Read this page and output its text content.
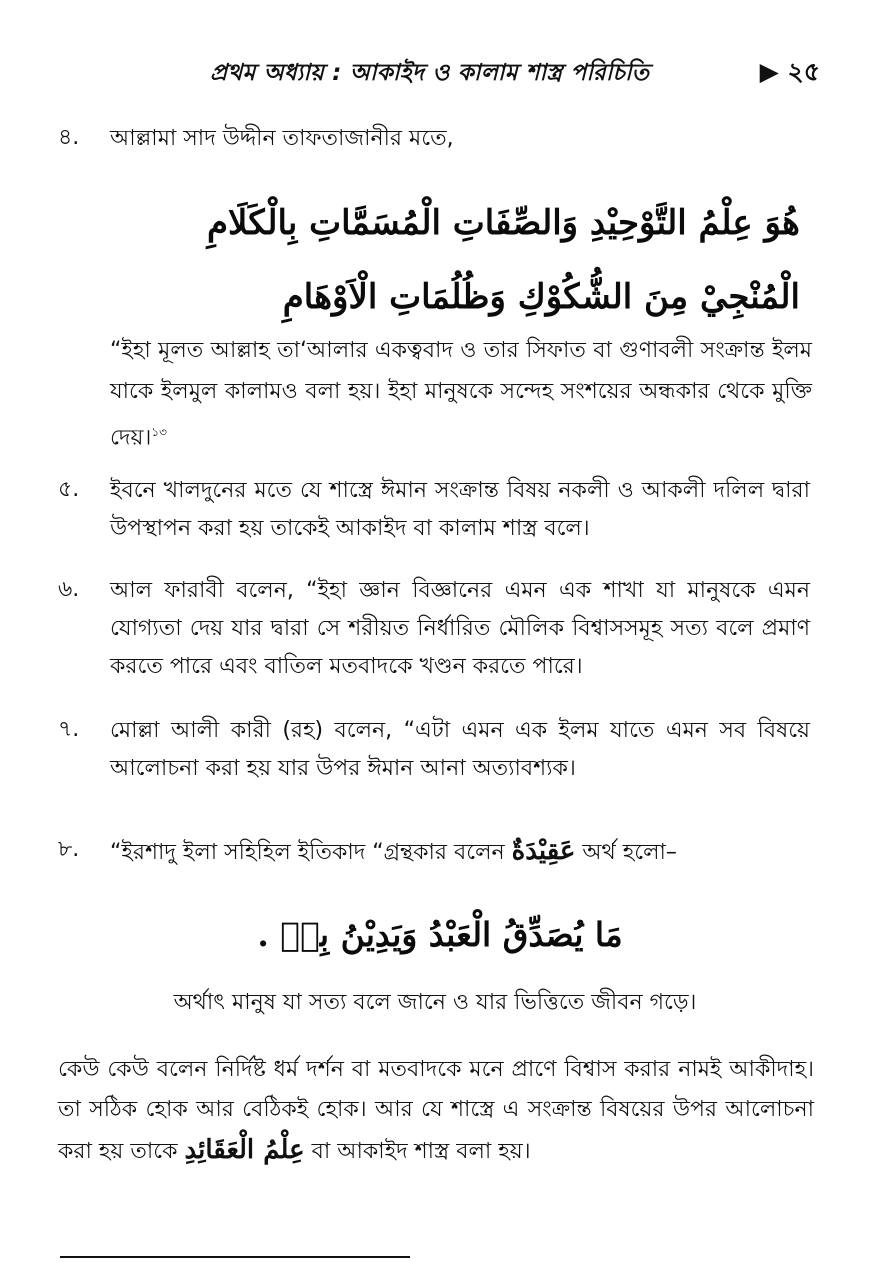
প্রথম অধ্যায় : আকাইদ ও কালাম শাস্ত্র পরিচিতি	▶ ২৫
৪. আল্লামা সাদ উদ্দীন তাফতাজানীর মতে,
هُوَ عِلْمُ التَّوْحِيْدِ وَالصِّفَاتِ الْمُسَمَّاتِ بِالْكَلَامِ الْمُنْجِيْ مِنَ الشُّكُوْكِ وَظُلُمَاتِ الْاَوْهَامِ
“ইহা মূলত আল্লাহ তা‘আলার একত্ববাদ ও তার সিফাত বা গুণাবলী সংক্রান্ত ইলম যাকে ইলমুল কালামও বলা হয়। ইহা মানুষকে সন্দেহ সংশয়ের অন্ধকার থেকে মুক্তি দেয়।$^{১৩}$
৫. ইবনে খালদুনের মতে যে শাস্ত্রে ঈমান সংক্রান্ত বিষয় নকলী ও আকলী দলিল দ্বারা উপস্থাপন করা হয় তাকেই আকাইদ বা কালাম শাস্ত্র বলে।
৬. আল ফারাবী বলেন, “ইহা জ্ঞান বিজ্ঞানের এমন এক শাখা যা মানুষকে এমন যোগ্যতা দেয় যার দ্বারা সে শরীয়ত নির্ধারিত মৌলিক বিশ্বাসসমূহ সত্য বলে প্রমাণ করতে পারে এবং বাতিল মতবাদকে খণ্ডন করতে পারে।
৭. মোল্লা আলী কারী (রহ) বলেন, “এটা এমন এক ইলম যাতে এমন সব বিষয়ে আলোচনা করা হয় যার উপর ঈমান আনা অত্যাবশ্যক।
৮. “ইরশাদু ইলা সহিহিল ইতিকাদ “গ্রন্থকার বলেন عَقِيْدَةٌ অর্থ হলো–
مَا يُصَدِّقُ الْعَبْدُ وَيَدِيْنُ بِهٖ .
অর্থাৎ মানুষ যা সত্য বলে জানে ও যার ভিত্তিতে জীবন গড়ে।
কেউ কেউ বলেন নির্দিষ্ট ধর্ম দর্শন বা মতবাদকে মনে প্রাণে বিশ্বাস করার নামই আকীদাহ। তা সঠিক হোক আর বেঠিকই হোক। আর যে শাস্ত্রে এ সংক্রান্ত বিষয়ের উপর আলোচনা করা হয় তাকে عِلْمُ الْعَقَائِدِ বা আকাইদ শাস্ত্র বলা হয়।
